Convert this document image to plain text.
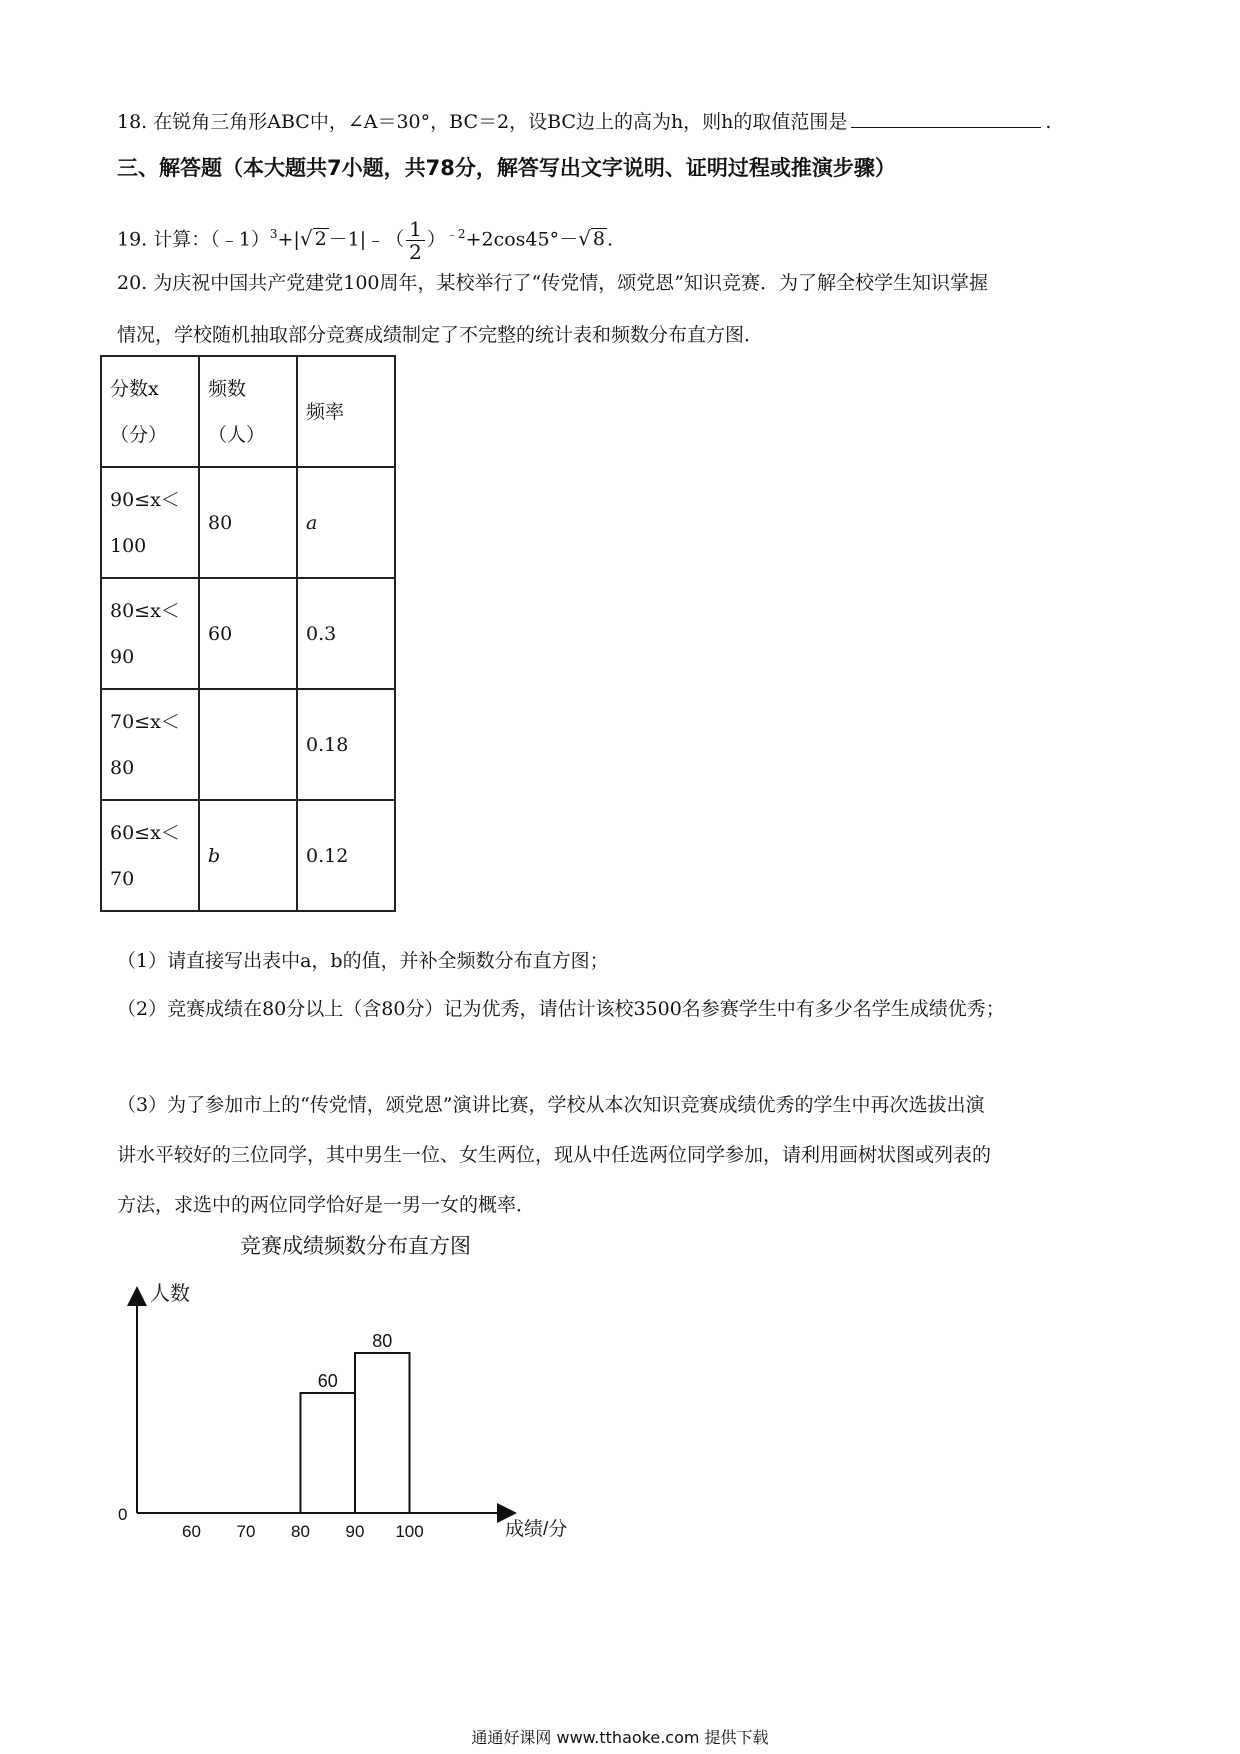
18. 在锐角三角形ABC中，∠A＝30°，BC＝2，设BC边上的高为h，则h的取值范围是	.
三、解答题（本大题共7小题，共78分，解答写出文字说明、证明过程或推演步骤）
19. 计算：（﹣1）$^3$+|√ 2 －1|﹣（ $\frac{1}{2} )^{﹣2}+2\cos 45^\circ-√$ 8 .
20. 为庆祝中国共产党建党100周年，某校举行了“传党情，颂党恩”知识竞赛．为了解全校学生知识掌握
情况，学校随机抽取部分竞赛成绩制定了不完整的统计表和频数分布直方图．
分数x（分）	频数（人）	频率
90≤x＜100	80	a
80≤x＜90	60	0.3
70≤x＜80		0.18
60≤x＜70	b	0.12
（1）请直接写出表中a，b的值，并补全频数分布直方图；
（2）竞赛成绩在80分以上（含80分）记为优秀，请估计该校3500名参赛学生中有多少名学生成绩优秀；
（3）为了参加市上的“传党情，颂党恩”演讲比赛，学校从本次知识竞赛成绩优秀的学生中再次选拔出演
讲水平较好的三位同学，其中男生一位、女生两位，现从中任选两位同学参加，请利用画树状图或列表的
方法，求选中的两位同学恰好是一男一女的概率．
竞赛成绩频数分布直方图
人数
成绩/分
0
60 70 80 90 100
60
80
通通好课网 www.tthaoke.com 提供下载
